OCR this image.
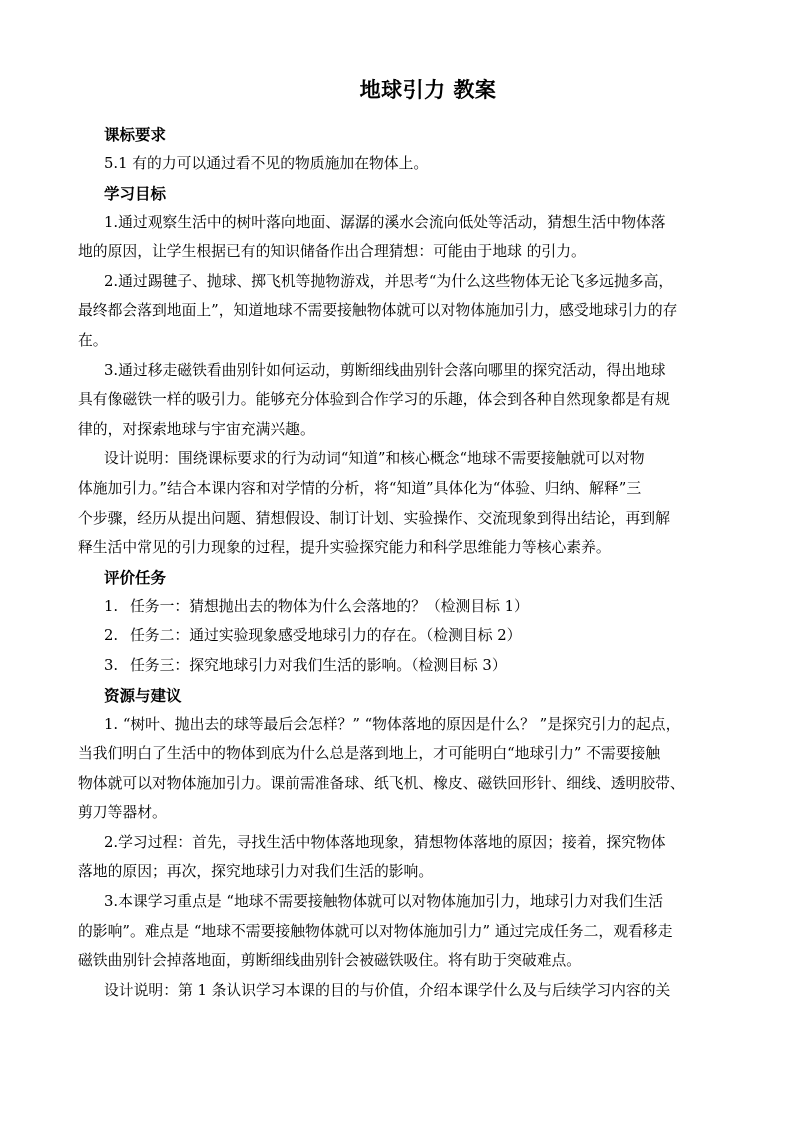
地球引力 教案
课标要求
5.1 有的力可以通过看不见的物质施加在物体上。
学习目标
1.通过观察生活中的树叶落向地面、潺潺的溪水会流向低处等活动，猜想生活中物体落
地的原因，让学生根据已有的知识储备作出合理猜想：可能由于地球 的引力。
2.通过踢毽子、抛球、掷飞机等抛物游戏，并思考“为什么这些物体无论飞多远抛多高，
最终都会落到地面上”，知道地球不需要接触物体就可以对物体施加引力，感受地球引力的存
在。
3.通过移走磁铁看曲别针如何运动，剪断细线曲别针会落向哪里的探究活动，得出地球
具有像磁铁一样的吸引力。能够充分体验到合作学习的乐趣，体会到各种自然现象都是有规
律的，对探索地球与宇宙充满兴趣。
设计说明：围绕课标要求的行为动词“知道”和核心概念“地球不需要接触就可以对物
体施加引力。”结合本课内容和对学情的分析，将“知道”具体化为“体验、归纳、解释”三
个步骤，经历从提出问题、猜想假设、制订计划、实验操作、交流现象到得出结论，再到解
释生活中常见的引力现象的过程，提升实验探究能力和科学思维能力等核心素养。
评价任务
1. 任务一：猜想抛出去的物体为什么会落地的？（检测目标 1）
2. 任务二：通过实验现象感受地球引力的存在。（检测目标 2）
3. 任务三：探究地球引力对我们生活的影响。（检测目标 3）
资源与建议
1. “树叶、抛出去的球等最后会怎样？” “物体落地的原因是什么？ ”是探究引力的起点，
当我们明白了生活中的物体到底为什么总是落到地上，才可能明白“地球引力” 不需要接触
物体就可以对物体施加引力。课前需准备球、纸飞机、橡皮、磁铁回形针、细线、透明胶带、
剪刀等器材。
2.学习过程：首先，寻找生活中物体落地现象，猜想物体落地的原因；接着，探究物体
落地的原因；再次，探究地球引力对我们生活的影响。
3.本课学习重点是 “地球不需要接触物体就可以对物体施加引力，地球引力对我们生活
的影响”。难点是 “地球不需要接触物体就可以对物体施加引力” 通过完成任务二，观看移走
磁铁曲别针会掉落地面，剪断细线曲别针会被磁铁吸住。将有助于突破难点。
设计说明：第 1 条认识学习本课的目的与价值，介绍本课学什么及与后续学习内容的关
